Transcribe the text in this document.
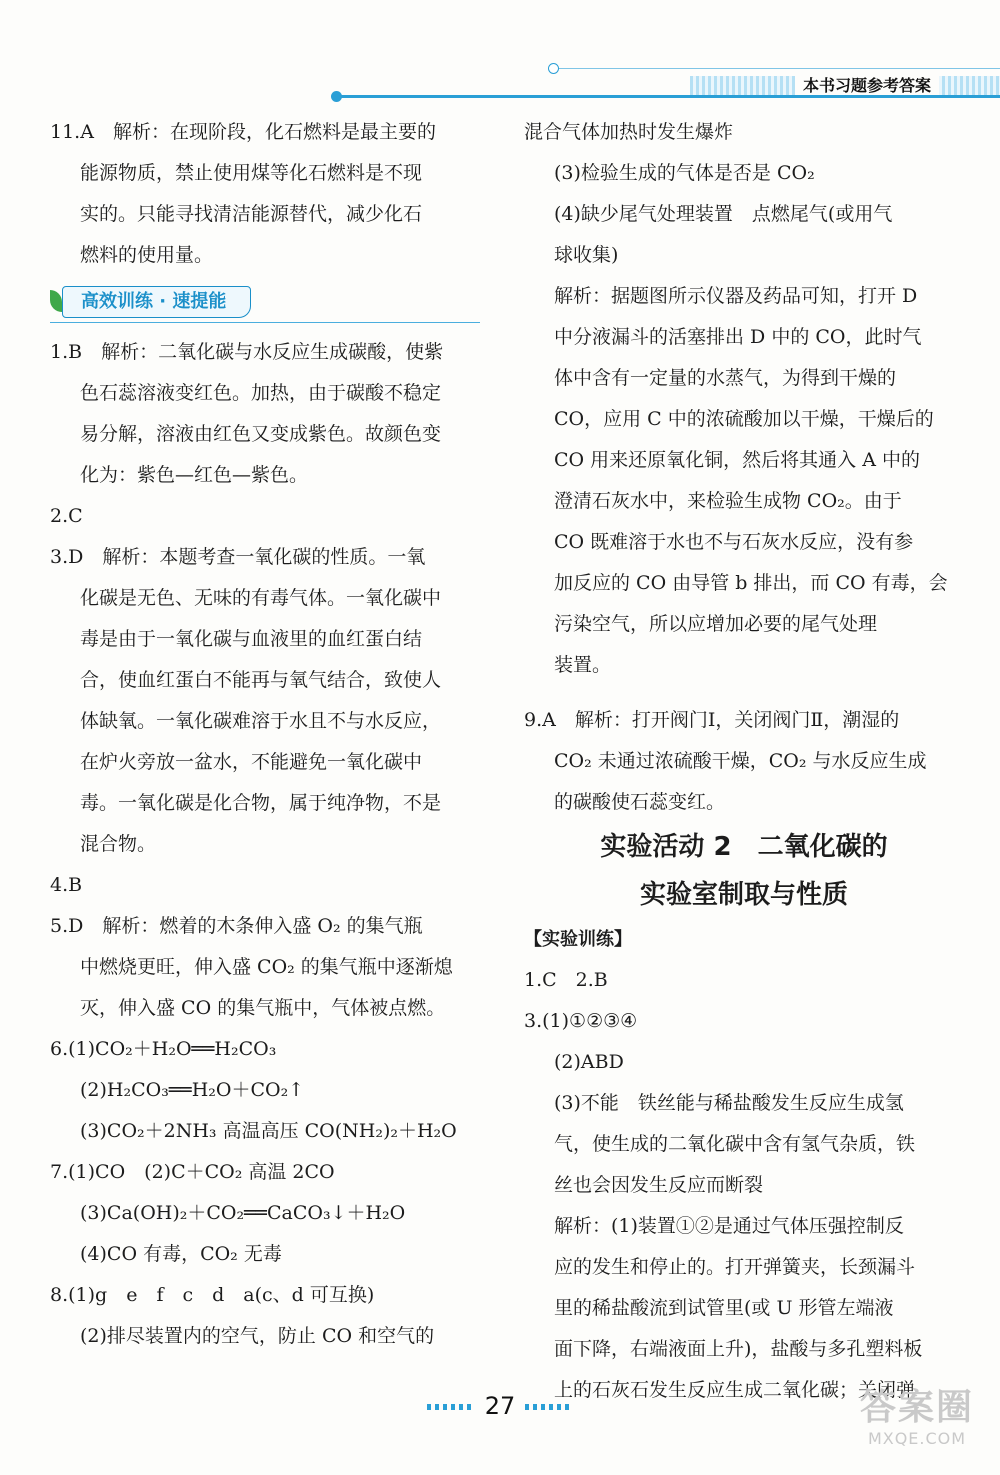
本书习题参考答案
11.A　解析：在现阶段，化石燃料是最主要的
能源物质，禁止使用煤等化石燃料是不现
实的。只能寻找清洁能源替代，减少化石
燃料的使用量。
高效训练 · 速提能
1.B　解析：二氧化碳与水反应生成碳酸，使紫
色石蕊溶液变红色。加热，由于碳酸不稳定
易分解，溶液由红色又变成紫色。故颜色变
化为：紫色—红色—紫色。
2.C
3.D　解析：本题考查一氧化碳的性质。一氧
化碳是无色、无味的有毒气体。一氧化碳中
毒是由于一氧化碳与血液里的血红蛋白结
合，使血红蛋白不能再与氧气结合，致使人
体缺氧。一氧化碳难溶于水且不与水反应，
在炉火旁放一盆水，不能避免一氧化碳中
毒。一氧化碳是化合物，属于纯净物，不是
混合物。
4.B
5.D　解析：燃着的木条伸入盛 O₂ 的集气瓶
中燃烧更旺，伸入盛 CO₂ 的集气瓶中逐渐熄
灭，伸入盛 CO 的集气瓶中，气体被点燃。
6.(1)CO₂＋H₂O══H₂CO₃
(2)H₂CO₃══H₂O＋CO₂↑
(3)CO₂＋2NH₃ 高温高压 CO(NH₂)₂＋H₂O
7.(1)CO　(2)C＋CO₂ 高温 2CO
(3)Ca(OH)₂＋CO₂══CaCO₃↓＋H₂O
(4)CO 有毒，CO₂ 无毒
8.(1)g　e　f　c　d　a(c、d 可互换)
(2)排尽装置内的空气，防止 CO 和空气的
混合气体加热时发生爆炸
(3)检验生成的气体是否是 CO₂
(4)缺少尾气处理装置　点燃尾气(或用气
球收集)
解析：据题图所示仪器及药品可知，打开 D
中分液漏斗的活塞排出 D 中的 CO，此时气
体中含有一定量的水蒸气，为得到干燥的
CO，应用 C 中的浓硫酸加以干燥，干燥后的
CO 用来还原氧化铜，然后将其通入 A 中的
澄清石灰水中，来检验生成物 CO₂。由于
CO 既难溶于水也不与石灰水反应，没有参
加反应的 CO 由导管 b 排出，而 CO 有毒，会
污染空气，所以应增加必要的尾气处理
装置。
9.A　解析：打开阀门Ⅰ，关闭阀门Ⅱ，潮湿的
CO₂ 未通过浓硫酸干燥，CO₂ 与水反应生成
的碳酸使石蕊变红。
实验活动 2　二氧化碳的
实验室制取与性质
【实验训练】
1.C　2.B
3.(1)①②③④
(2)ABD
(3)不能　铁丝能与稀盐酸发生反应生成氢
气，使生成的二氧化碳中含有氢气杂质，铁
丝也会因发生反应而断裂
解析：(1)装置①②是通过气体压强控制反
应的发生和停止的。打开弹簧夹，长颈漏斗
里的稀盐酸流到试管里(或 U 形管左端液
面下降，右端液面上升)，盐酸与多孔塑料板
上的石灰石发生反应生成二氧化碳；关闭弹
27	答案圈
MXQE.COM
